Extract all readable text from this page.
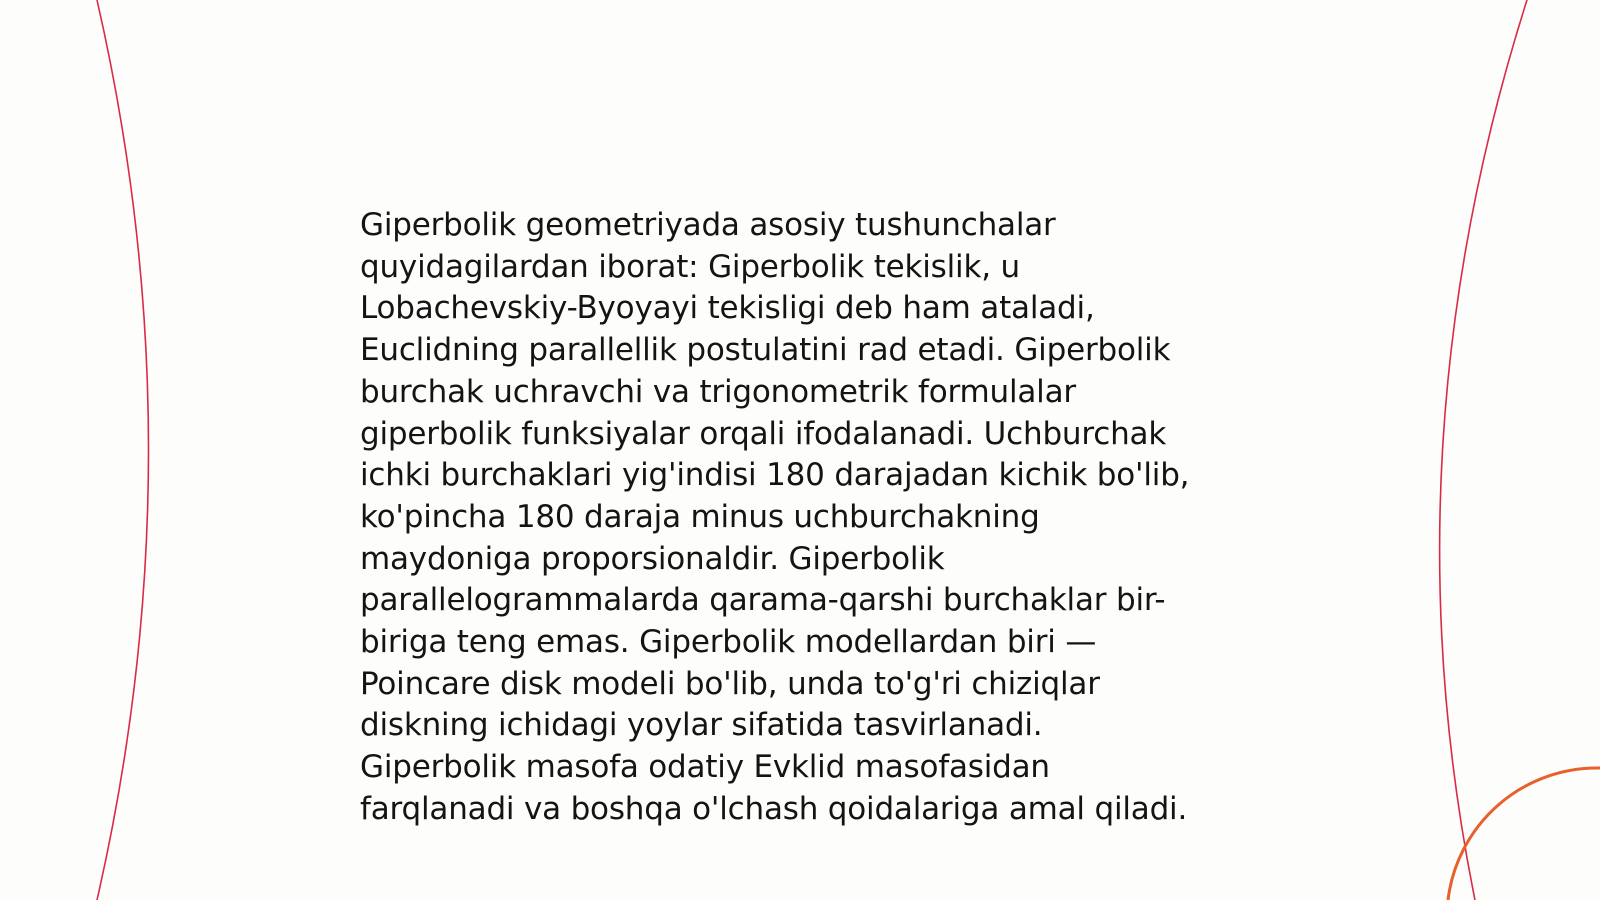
Giperbolik geometriyada asosiy tushunchalar
quyidagilardan iborat: Giperbolik tekislik, u
Lobachevskiy-Byoyayi tekisligi deb ham ataladi,
Euclidning parallellik postulatini rad etadi. Giperbolik
burchak uchravchi va trigonometrik formulalar
giperbolik funksiyalar orqali ifodalanadi. Uchburchak
ichki burchaklari yig'indisi 180 darajadan kichik bo'lib,
ko'pincha 180 daraja minus uchburchakning
maydoniga proporsionaldir. Giperbolik
parallelogrammalarda qarama-qarshi burchaklar bir-
biriga teng emas. Giperbolik modellardan biri —
Poincare disk modeli bo'lib, unda to'g'ri chiziqlar
diskning ichidagi yoylar sifatida tasvirlanadi.
Giperbolik masofa odatiy Evklid masofasidan
farqlanadi va boshqa o'lchash qoidalariga amal qiladi.
